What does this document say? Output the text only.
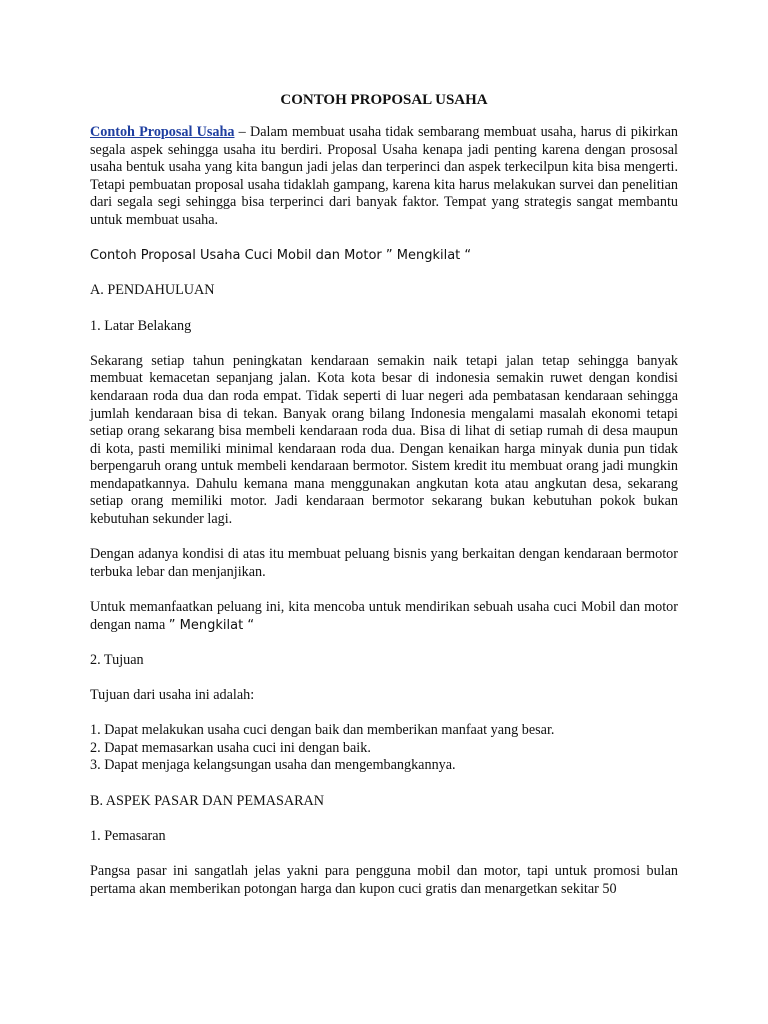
CONTOH PROPOSAL USAHA

Contoh Proposal Usaha – Dalam membuat usaha tidak sembarang membuat usaha, harus di pikirkan segala aspek sehingga usaha itu berdiri. Proposal Usaha kenapa jadi penting karena dengan prososal usaha bentuk usaha yang kita bangun jadi jelas dan terperinci dan aspek terkecilpun kita bisa mengerti. Tetapi pembuatan proposal usaha tidaklah gampang, karena kita harus melakukan survei dan penelitian dari segala segi sehingga bisa terperinci dari banyak faktor. Tempat yang strategis sangat membantu untuk membuat usaha.

Contoh Proposal Usaha Cuci Mobil dan Motor ” Mengkilat “

A. PENDAHULUAN

1. Latar Belakang

Sekarang setiap tahun peningkatan kendaraan semakin naik tetapi jalan tetap sehingga banyak membuat kemacetan sepanjang jalan. Kota kota besar di indonesia semakin ruwet dengan kondisi kendaraan roda dua dan roda empat. Tidak seperti di luar negeri ada pembatasan kendaraan sehingga jumlah kendaraan bisa di tekan. Banyak orang bilang Indonesia mengalami masalah ekonomi tetapi setiap orang sekarang bisa membeli kendaraan roda dua. Bisa di lihat di setiap rumah di desa maupun di kota, pasti memiliki minimal kendaraan roda dua. Dengan kenaikan harga minyak dunia pun tidak berpengaruh orang untuk membeli kendaraan bermotor. Sistem kredit itu membuat orang jadi mungkin mendapatkannya. Dahulu kemana mana menggunakan angkutan kota atau angkutan desa, sekarang setiap orang memiliki motor. Jadi kendaraan bermotor sekarang bukan kebutuhan pokok bukan kebutuhan sekunder lagi.

Dengan adanya kondisi di atas itu membuat peluang bisnis yang berkaitan dengan kendaraan bermotor terbuka lebar dan menjanjikan.

Untuk memanfaatkan peluang ini, kita mencoba untuk mendirikan sebuah usaha cuci Mobil dan motor dengan nama ” Mengkilat “

2. Tujuan

Tujuan dari usaha ini adalah:

1. Dapat melakukan usaha cuci dengan baik dan memberikan manfaat yang besar.

2. Dapat memasarkan usaha cuci ini dengan baik.

3. Dapat menjaga kelangsungan usaha dan mengembangkannya.

B. ASPEK PASAR DAN PEMASARAN

1. Pemasaran

Pangsa pasar ini sangatlah jelas yakni para pengguna mobil dan motor, tapi untuk promosi bulan pertama akan memberikan potongan harga dan kupon cuci gratis dan menargetkan sekitar 50
